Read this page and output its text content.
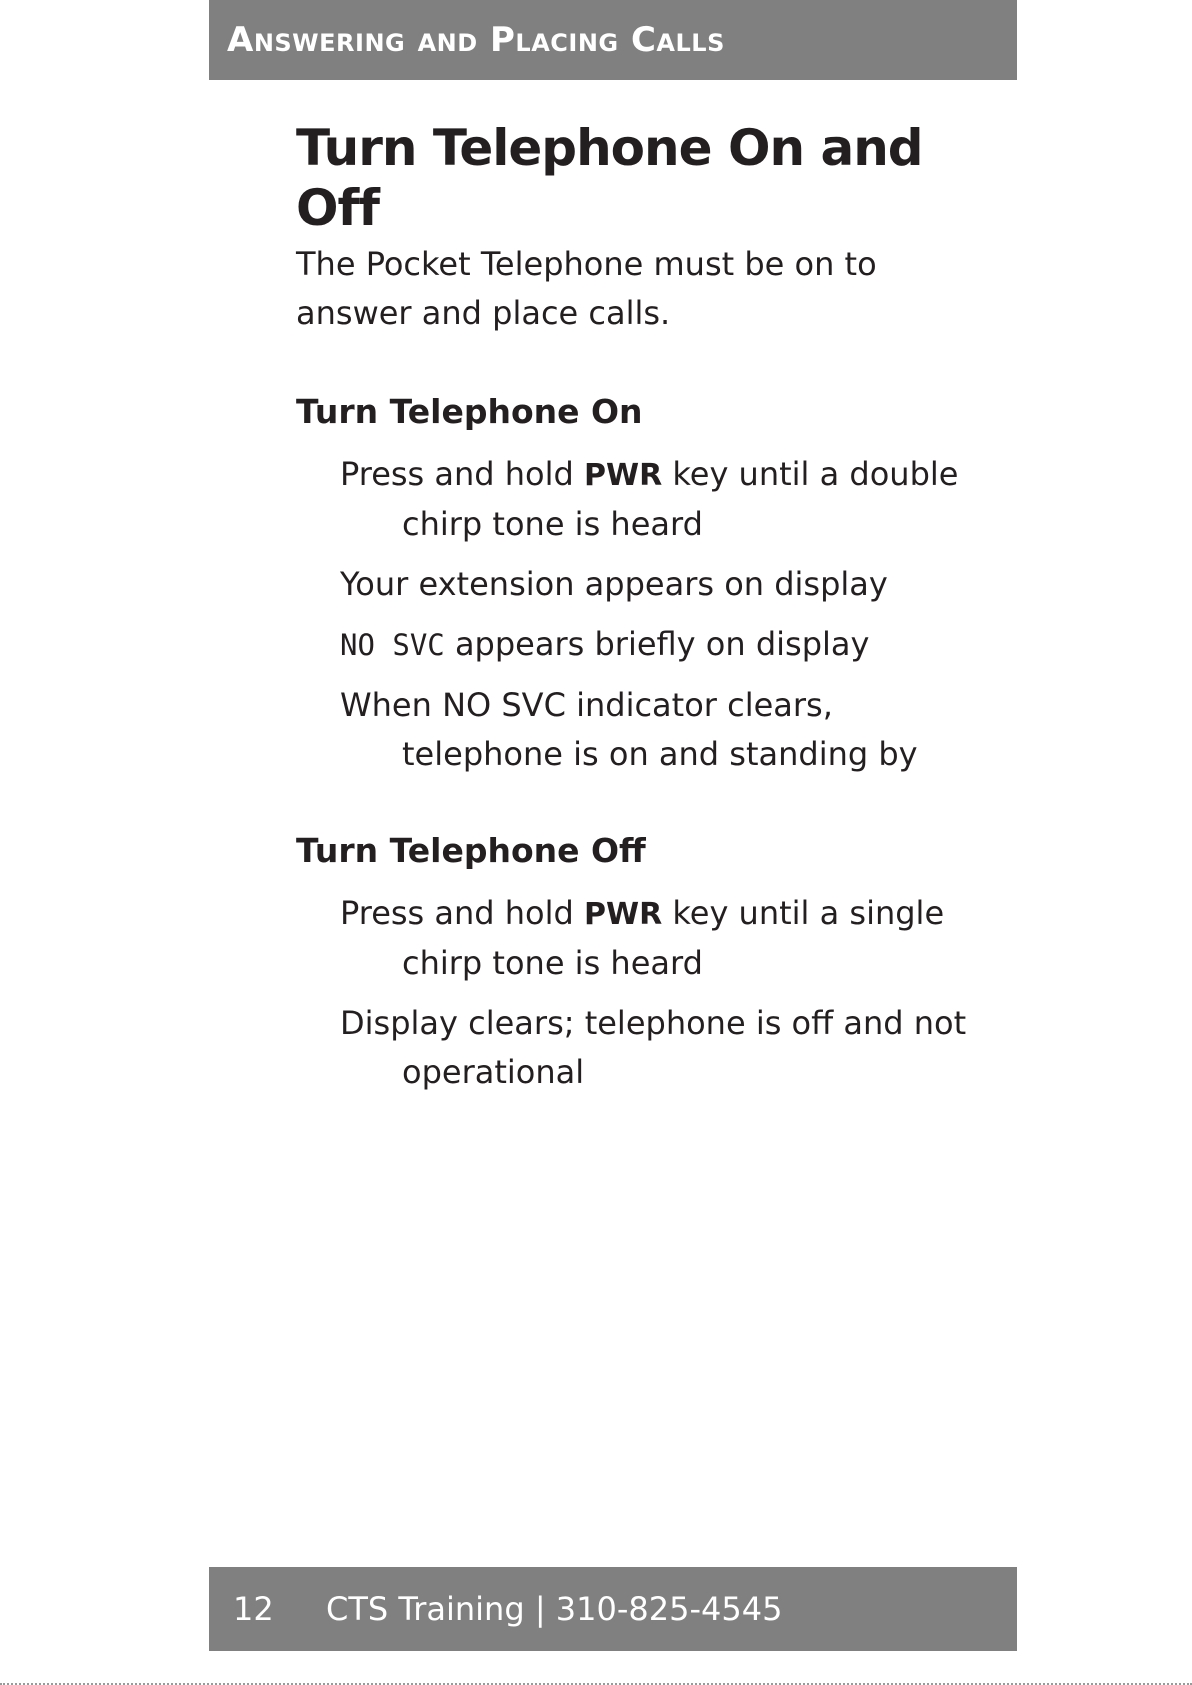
Answering and Placing Calls
Turn Telephone On and Off

The Pocket Telephone must be on to answer and place calls.

Turn Telephone On
Press and hold PWR key until a double chirp tone is heard
Your extension appears on display
NO SVC appears briefly on display
When NO SVC indicator clears, telephone is on and standing by
Turn Telephone Off
Press and hold PWR key until a single chirp tone is heard
Display clears; telephone is off and not operational
12 CTS Training | 310-825-4545
